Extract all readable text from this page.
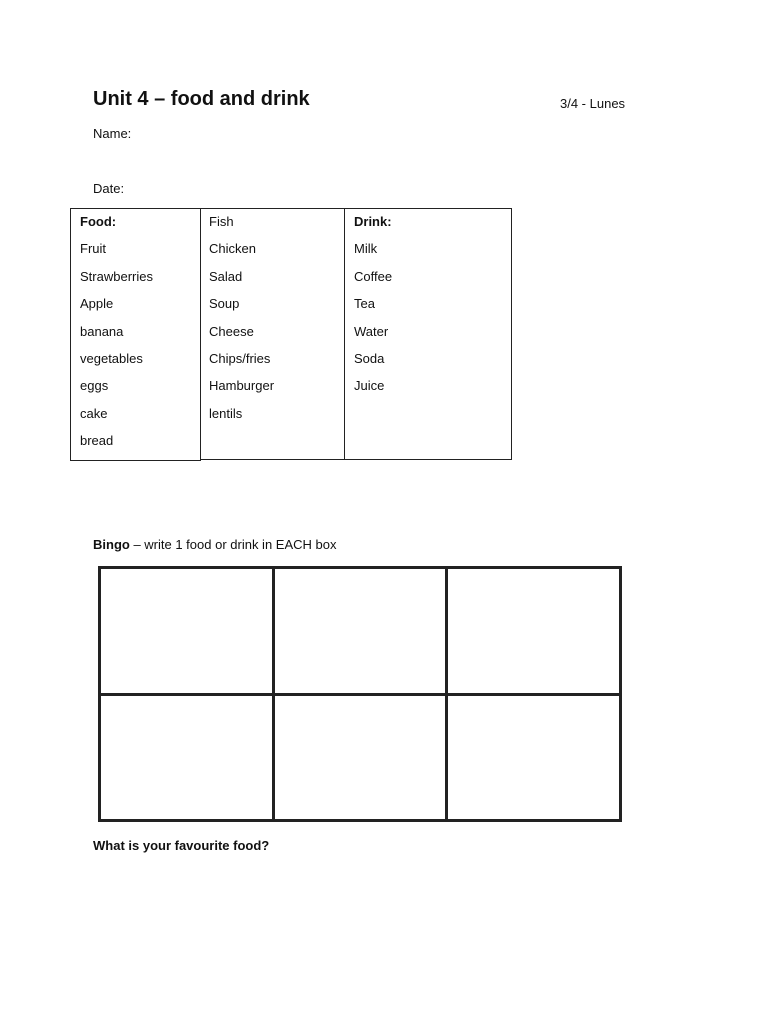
Unit 4 – food and drink	3/4 - Lunes
Name:
Date:
Food:
Fruit
Strawberries
Apple
banana
vegetables
eggs
cake
bread
Fish
Chicken
Salad
Soup
Cheese
Chips/fries
Hamburger
lentils
Drink:
Milk
Coffee
Tea
Water
Soda
Juice
Bingo – write 1 food or drink in EACH box
What is your favourite food?
